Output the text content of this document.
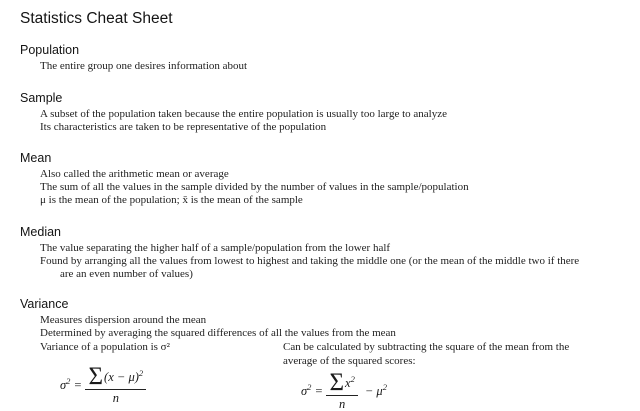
Statistics Cheat Sheet
Population
The entire group one desires information about
Sample
A subset of the population taken because the entire population is usually too large to analyze
Its characteristics are taken to be representative of the population
Mean
Also called the arithmetic mean or average
The sum of all the values in the sample divided by the number of values in the sample/population
μ is the mean of the population; x̄ is the mean of the sample
Median
The value separating the higher half of a sample/population from the lower half
Found by arranging all the values from lowest to highest and taking the middle one (or the mean of the middle two if there
are an even number of values)
Variance
Measures dispersion around the mean
Determined by averaging the squared differences of all the values from the mean
Variance of a population is σ²
$\sigma^2 = \frac{\Sigma (x - \mu)^2}{n}$
Can be calculated by subtracting the square of the mean from the
average of the squared scores:
$\sigma^2 = \frac{\Sigma x^2}{n} - \mu^2$
